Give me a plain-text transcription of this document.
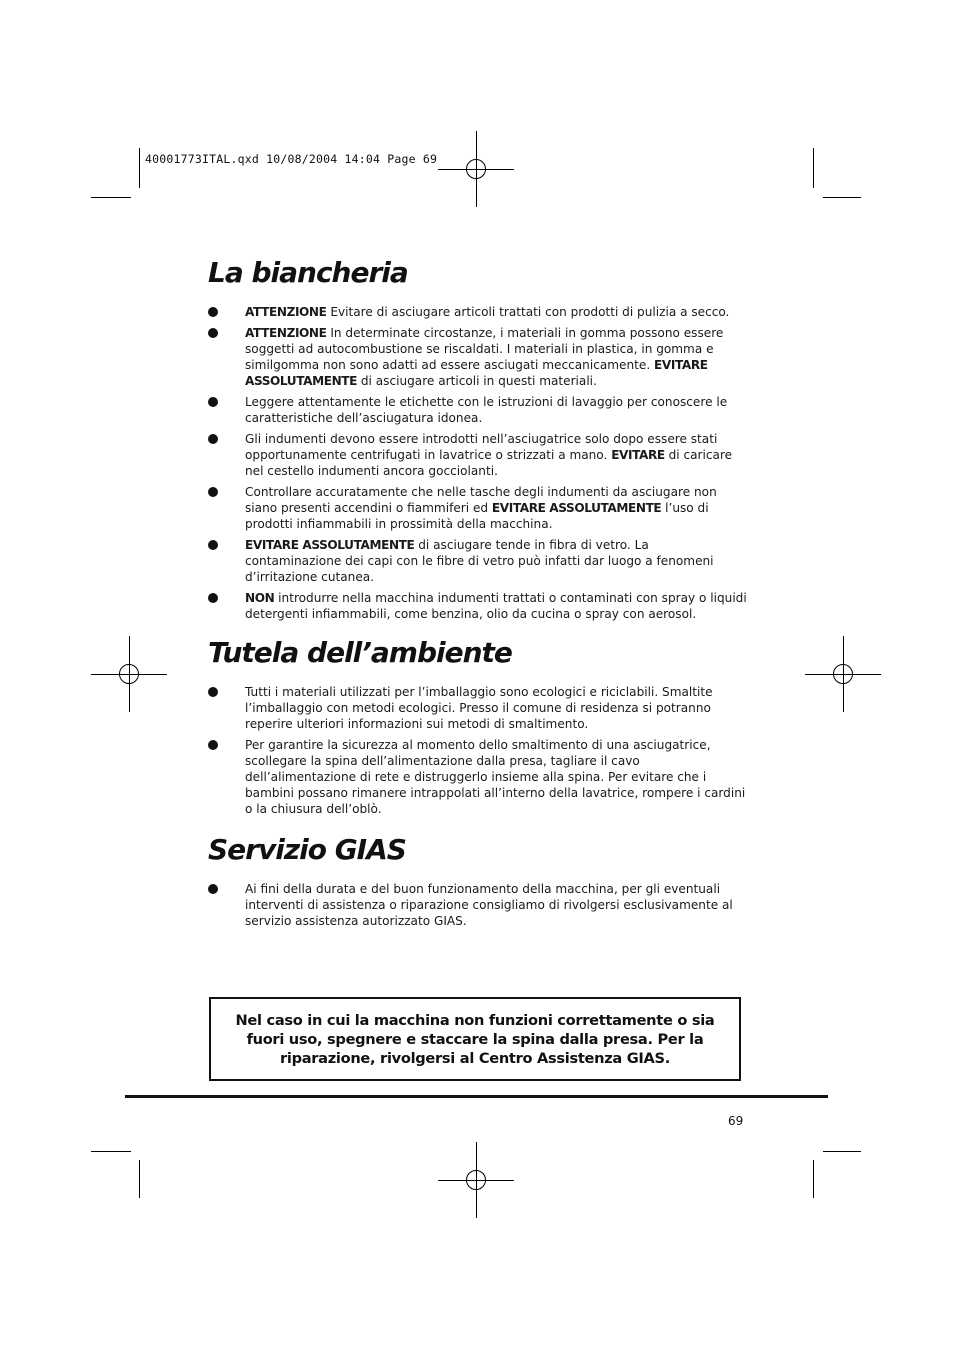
40001773ITAL.qxd 10/08/2004 14:04 Page 69
La biancheria
ATTENZIONE Evitare di asciugare articoli trattati con prodotti di pulizia a secco.
ATTENZIONE In determinate circostanze, i materiali in gomma possono essere soggetti ad autocombustione se riscaldati. I materiali in plastica, in gomma e similgomma non sono adatti ad essere asciugati meccanicamente. EVITARE ASSOLUTAMENTE di asciugare articoli in questi materiali.
Leggere attentamente le etichette con le istruzioni di lavaggio per conoscere le caratteristiche dell’asciugatura idonea.
Gli indumenti devono essere introdotti nell’asciugatrice solo dopo essere stati opportunamente centrifugati in lavatrice o strizzati a mano. EVITARE di caricare nel cestello indumenti ancora gocciolanti.
Controllare accuratamente che nelle tasche degli indumenti da asciugare non siano presenti accendini o fiammiferi ed EVITARE ASSOLUTAMENTE l’uso di prodotti infiammabili in prossimità della macchina.
EVITARE ASSOLUTAMENTE di asciugare tende in fibra di vetro. La contaminazione dei capi con le fibre di vetro può infatti dar luogo a fenomeni d’irritazione cutanea.
NON introdurre nella macchina indumenti trattati o contaminati con spray o liquidi detergenti infiammabili, come benzina, olio da cucina o spray con aerosol.
Tutela dell’ambiente
Tutti i materiali utilizzati per l’imballaggio sono ecologici e riciclabili. Smaltite l’imballaggio con metodi ecologici. Presso il comune di residenza si potranno reperire ulteriori informazioni sui metodi di smaltimento.
Per garantire la sicurezza al momento dello smaltimento di una asciugatrice, scollegare la spina dell’alimentazione dalla presa, tagliare il cavo dell’alimentazione di rete e distruggerlo insieme alla spina. Per evitare che i bambini possano rimanere intrappolati all’interno della lavatrice, rompere i cardini o la chiusura dell’oblò.
Servizio GIAS
Ai fini della durata e del buon funzionamento della macchina, per gli eventuali interventi di assistenza o riparazione consigliamo di rivolgersi esclusivamente al servizio assistenza autorizzato GIAS.

Nel caso in cui la macchina non funzioni correttamente o sia fuori uso, spegnere e staccare la spina dalla presa. Per la riparazione, rivolgersi al Centro Assistenza GIAS.

69
